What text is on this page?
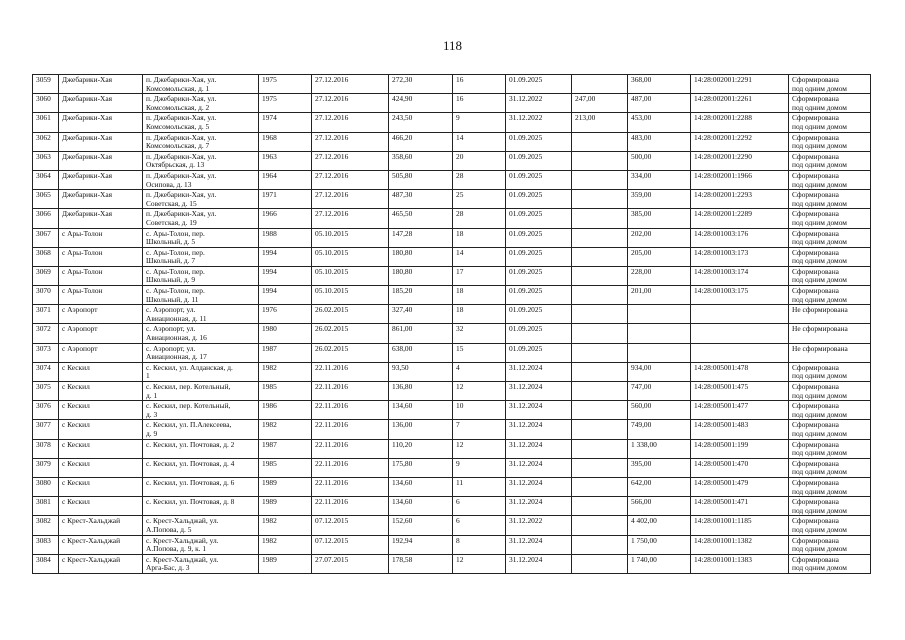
118
3059	Джебарики-Хая	п. Джебарики-Хая, ул.
Комсомольская, д. 1	1975	27.12.2016	272,30	16	01.09.2025		368,00	14:28:002001:2291	Сформирована
под одним домом
3060	Джебарики-Хая	п. Джебарики-Хая, ул.
Комсомольская, д. 2	1975	27.12.2016	424,90	16	31.12.2022	247,00	487,00	14:28:002001:2261	Сформирована
под одним домом
3061	Джебарики-Хая	п. Джебарики-Хая, ул.
Комсомольская, д. 5	1974	27.12.2016	243,50	9	31.12.2022	213,00	453,00	14:28:002001:2288	Сформирована
под одним домом
3062	Джебарики-Хая	п. Джебарики-Хая, ул.
Комсомольская, д. 7	1968	27.12.2016	466,20	14	01.09.2025		483,00	14:28:002001:2292	Сформирована
под одним домом
3063	Джебарики-Хая	п. Джебарики-Хая, ул.
Октябрьская, д. 13	1963	27.12.2016	358,60	20	01.09.2025		500,00	14:28:002001:2290	Сформирована
под одним домом
3064	Джебарики-Хая	п. Джебарики-Хая, ул.
Осипова, д. 13	1964	27.12.2016	505,80	28	01.09.2025		334,00	14:28:002001:1966	Сформирована
под одним домом
3065	Джебарики-Хая	п. Джебарики-Хая, ул.
Советская, д. 15	1971	27.12.2016	487,30	25	01.09.2025		359,00	14:28:002001:2293	Сформирована
под одним домом
3066	Джебарики-Хая	п. Джебарики-Хая, ул.
Советская, д. 19	1966	27.12.2016	465,50	28	01.09.2025		385,00	14:28:002001:2289	Сформирована
под одним домом
3067	с Ары-Толон	с. Ары-Толон, пер.
Школьный, д. 5	1988	05.10.2015	147,28	18	01.09.2025		202,00	14:28:001003:176	Сформирована
под одним домом
3068	с Ары-Толон	с. Ары-Толон, пер.
Школьный, д. 7	1994	05.10.2015	180,80	14	01.09.2025		205,00	14:28:001003:173	Сформирована
под одним домом
3069	с Ары-Толон	с. Ары-Толон, пер.
Школьный, д. 9	1994	05.10.2015	180,80	17	01.09.2025		228,00	14:28:001003:174	Сформирована
под одним домом
3070	с Ары-Толон	с. Ары-Толон, пер.
Школьный, д. 11	1994	05.10.2015	185,20	18	01.09.2025		201,00	14:28:001003:175	Сформирована
под одним домом
3071	с Аэропорт	с. Аэропорт, ул.
Авиационная, д. 11	1976	26.02.2015	327,40	18	01.09.2025				Не сформирована
3072	с Аэропорт	с. Аэропорт, ул.
Авиационная, д. 16	1980	26.02.2015	861,00	32	01.09.2025				Не сформирована
3073	с Аэропорт	с. Аэропорт, ул.
Авиационная, д. 17	1987	26.02.2015	638,00	15	01.09.2025				Не сформирована
3074	с Кескил	с. Кескил, ул. Алданская, д.
1	1982	22.11.2016	93,50	4	31.12.2024		934,00	14:28:005001:478	Сформирована
под одним домом
3075	с Кескил	с. Кескил, пер. Котельный,
д. 1	1985	22.11.2016	136,80	12	31.12.2024		747,00	14:28:005001:475	Сформирована
под одним домом
3076	с Кескил	с. Кескил, пер. Котельный,
д. 3	1986	22.11.2016	134,60	10	31.12.2024		560,00	14:28:005001:477	Сформирована
под одним домом
3077	с Кескил	с. Кескил, ул. П.Алексеева,
д. 9	1982	22.11.2016	136,00	7	31.12.2024		749,00	14:28:005001:483	Сформирована
под одним домом
3078	с Кескил	с. Кескил, ул. Почтовая, д. 2	1987	22.11.2016	110,20	12	31.12.2024		1 338,00	14:28:005001:199	Сформирована
под одним домом
3079	с Кескил	с. Кескил, ул. Почтовая, д. 4	1985	22.11.2016	175,80	9	31.12.2024		395,00	14:28:005001:470	Сформирована
под одним домом
3080	с Кескил	с. Кескил, ул. Почтовая, д. 6	1989	22.11.2016	134,60	11	31.12.2024		642,00	14:28:005001:479	Сформирована
под одним домом
3081	с Кескил	с. Кескил, ул. Почтовая, д. 8	1989	22.11.2016	134,60	6	31.12.2024		566,00	14:28:005001:471	Сформирована
под одним домом
3082	с Крест-Хальджай	с. Крест-Хальджай, ул.
А.Попова, д. 5	1982	07.12.2015	152,60	6	31.12.2022		4 402,00	14:28:001001:1185	Сформирована
под одним домом
3083	с Крест-Хальджай	с. Крест-Хальджай, ул.
А.Попова, д. 9, к. 1	1982	07.12.2015	192,94	8	31.12.2024		1 750,00	14:28:001001:1382	Сформирована
под одним домом
3084	с Крест-Хальджай	с. Крест-Хальджай, ул.
Арга-Бас, д. 3	1989	27.07.2015	178,58	12	31.12.2024		1 740,00	14:28:001001:1383	Сформирована
под одним домом
